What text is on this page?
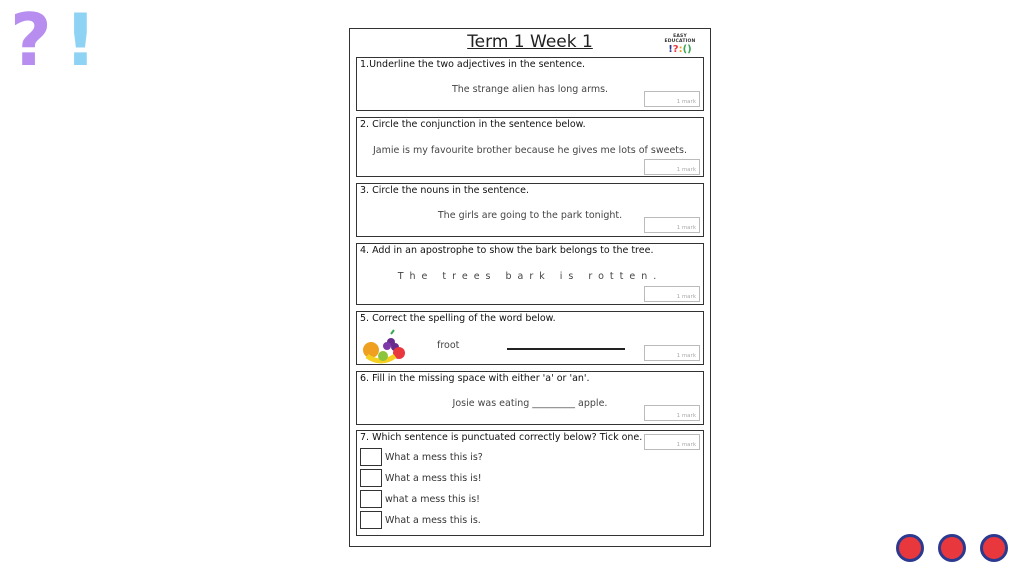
? !	Term 1 Week 1	EASY EDUCATION
!?:()
1.Underline the two adjectives in the sentence.
The strange alien has long arms.
1 mark
2. Circle the conjunction in the sentence below.
Jamie is my favourite brother because he gives me lots of sweets.
1 mark
3. Circle the nouns in the sentence.
The girls are going to the park tonight.
1 mark
4. Add in an apostrophe to show the bark belongs to the tree.
The trees bark is rotten.
1 mark
5. Correct the spelling of the word below.
froot
1 mark
6. Fill in the missing space with either 'a' or 'an'.
Josie was eating _________ apple.
1 mark
7. Which sentence is punctuated correctly below? Tick one.
1 mark
What a mess this is?
What a mess this is!
what a mess this is!
What a mess this is.
